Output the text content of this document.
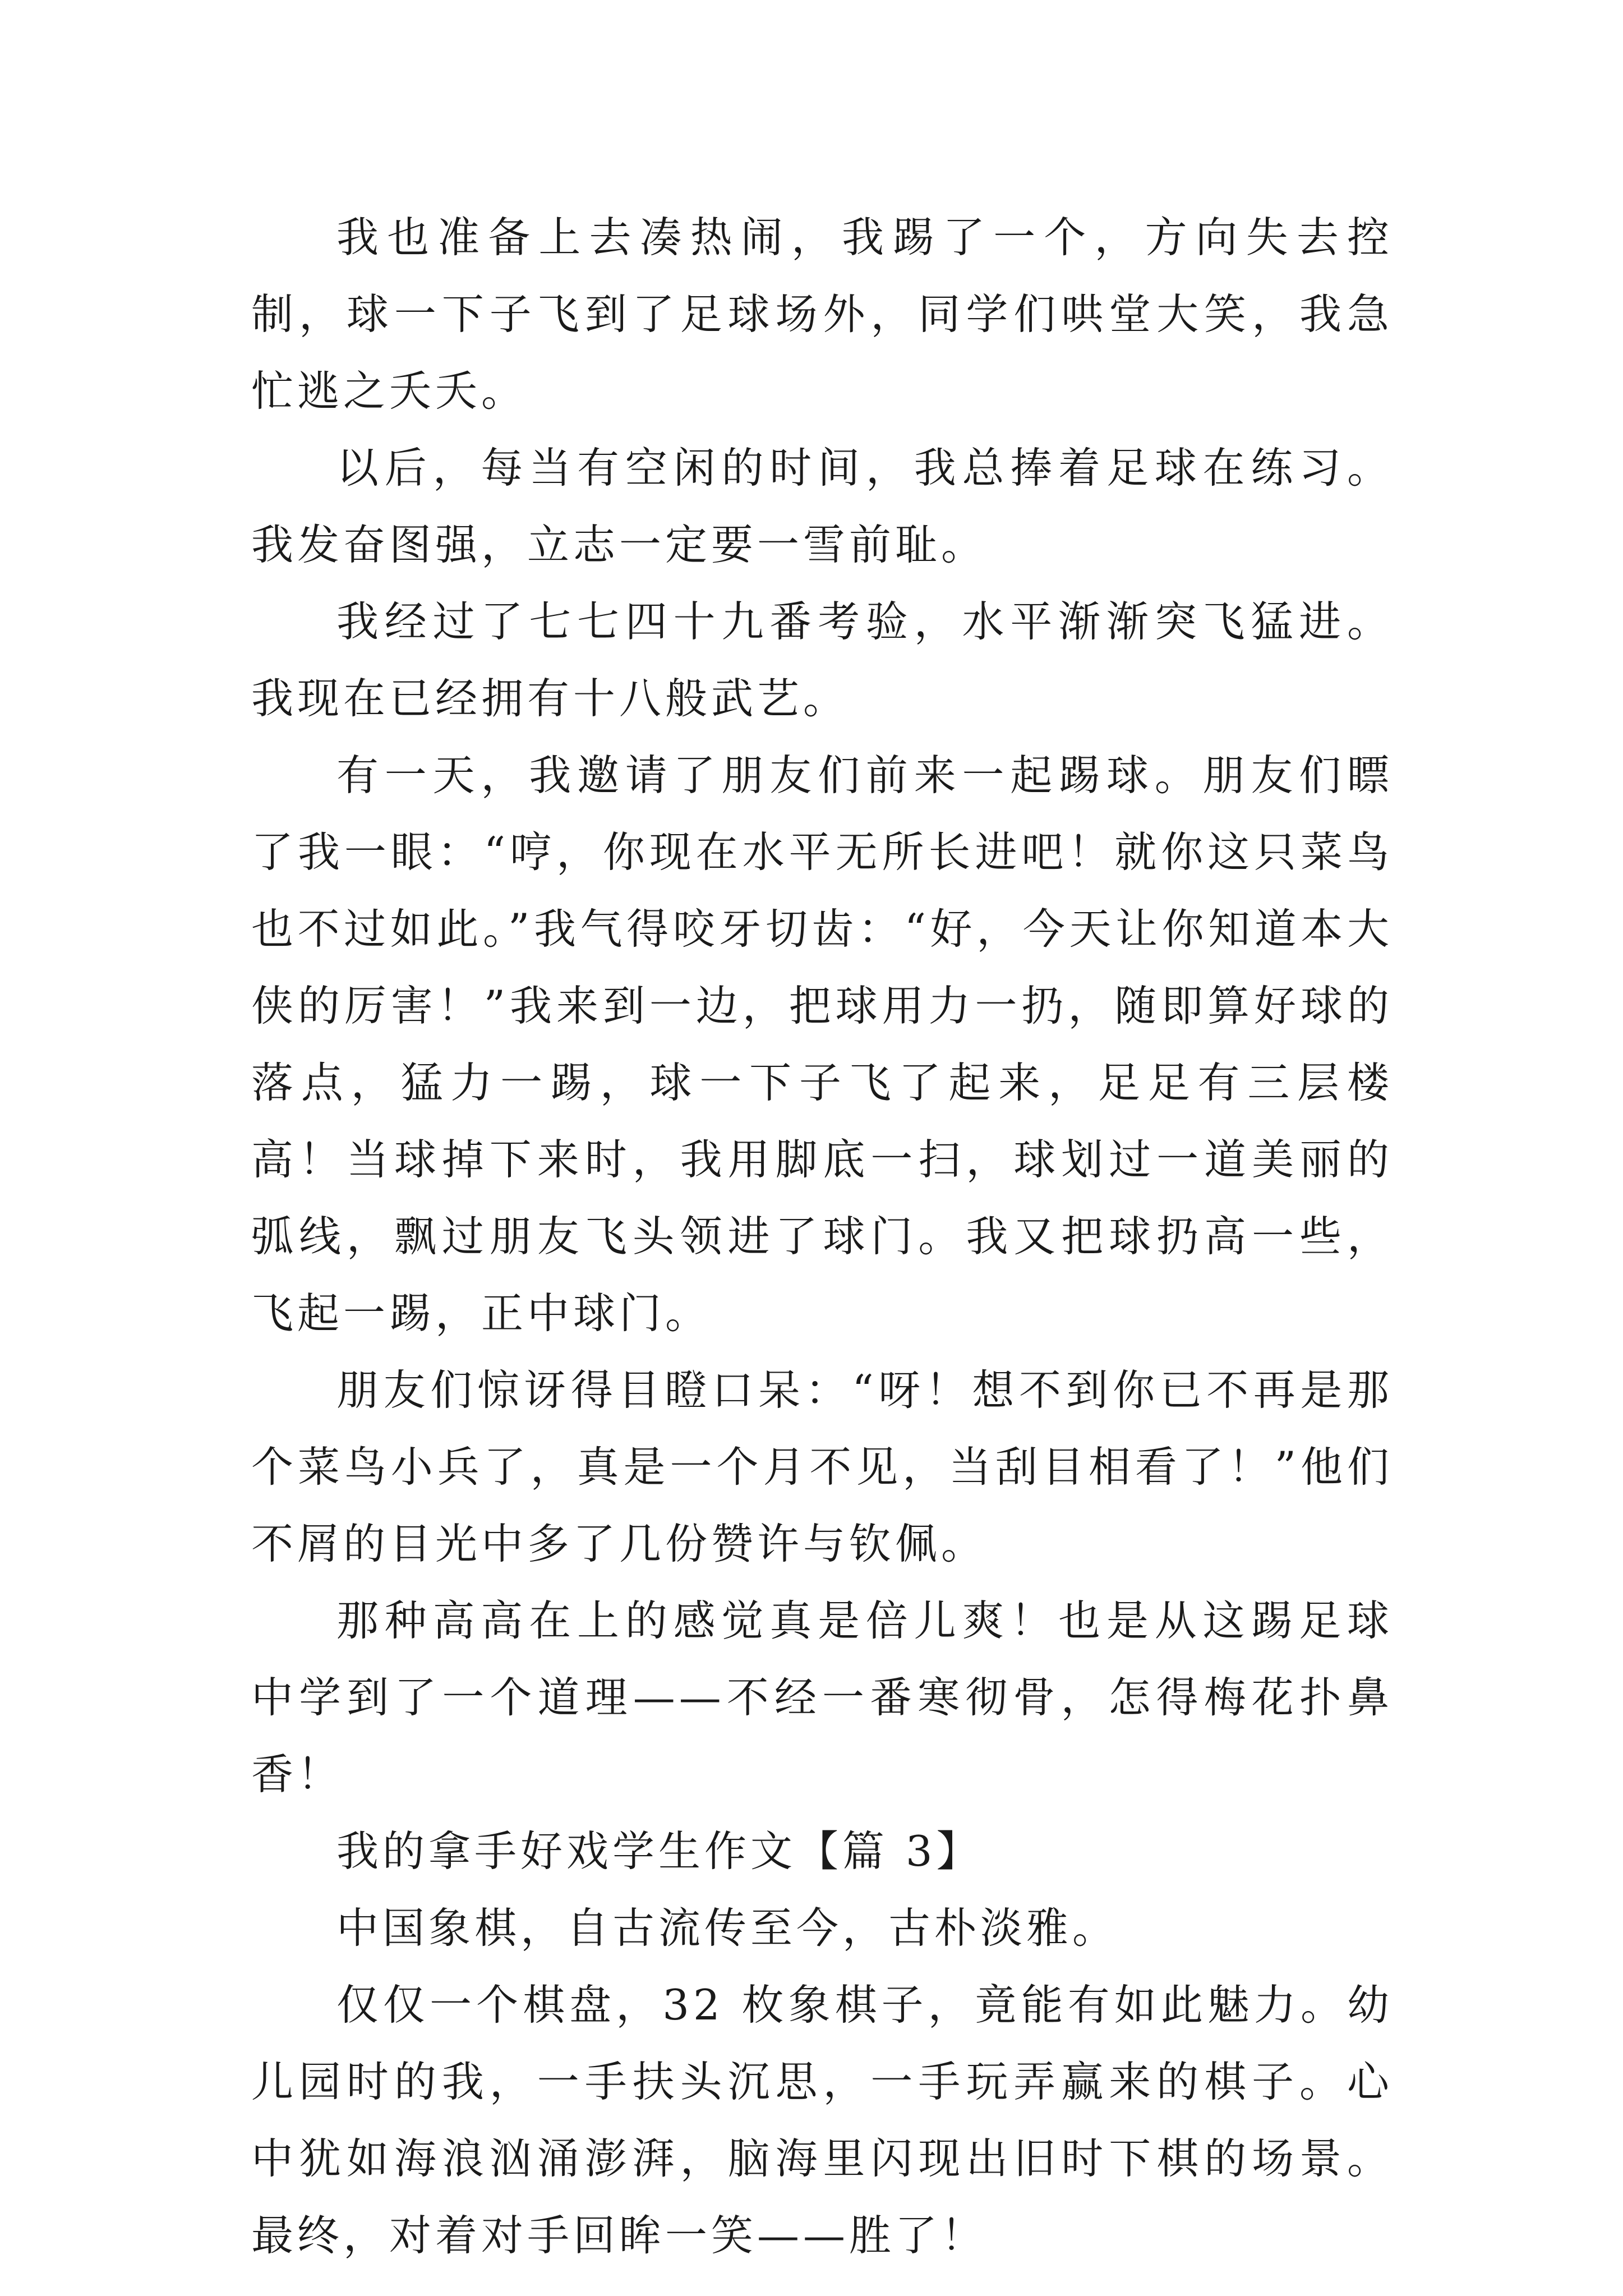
我也准备上去凑热闹，我踢了一个，方向失去控制，球一下子飞到了足球场外，同学们哄堂大笑，我急忙逃之夭夭。

以后，每当有空闲的时间，我总捧着足球在练习。我发奋图强，立志一定要一雪前耻。

我经过了七七四十九番考验，水平渐渐突飞猛进。我现在已经拥有十八般武艺。

有一天，我邀请了朋友们前来一起踢球。朋友们瞟了我一眼：“哼，你现在水平无所长进吧！就你这只菜鸟也不过如此。”我气得咬牙切齿：“好，今天让你知道本大侠的厉害！”我来到一边，把球用力一扔，随即算好球的落点，猛力一踢，球一下子飞了起来，足足有三层楼高！当球掉下来时，我用脚底一扫，球划过一道美丽的弧线，飘过朋友飞头领进了球门。我又把球扔高一些，飞起一踢，正中球门。

朋友们惊讶得目瞪口呆：“呀！想不到你已不再是那个菜鸟小兵了，真是一个月不见，当刮目相看了！”他们不屑的目光中多了几份赞许与钦佩。

那种高高在上的感觉真是倍儿爽！也是从这踢足球中学到了一个道理——不经一番寒彻骨，怎得梅花扑鼻香！

我的拿手好戏学生作文【篇 3】

中国象棋，自古流传至今，古朴淡雅。

仅仅一个棋盘，32 枚象棋子，竟能有如此魅力。幼儿园时的我，一手扶头沉思，一手玩弄赢来的棋子。心中犹如海浪汹涌澎湃，脑海里闪现出旧时下棋的场景。最终，对着对手回眸一笑——胜了！
